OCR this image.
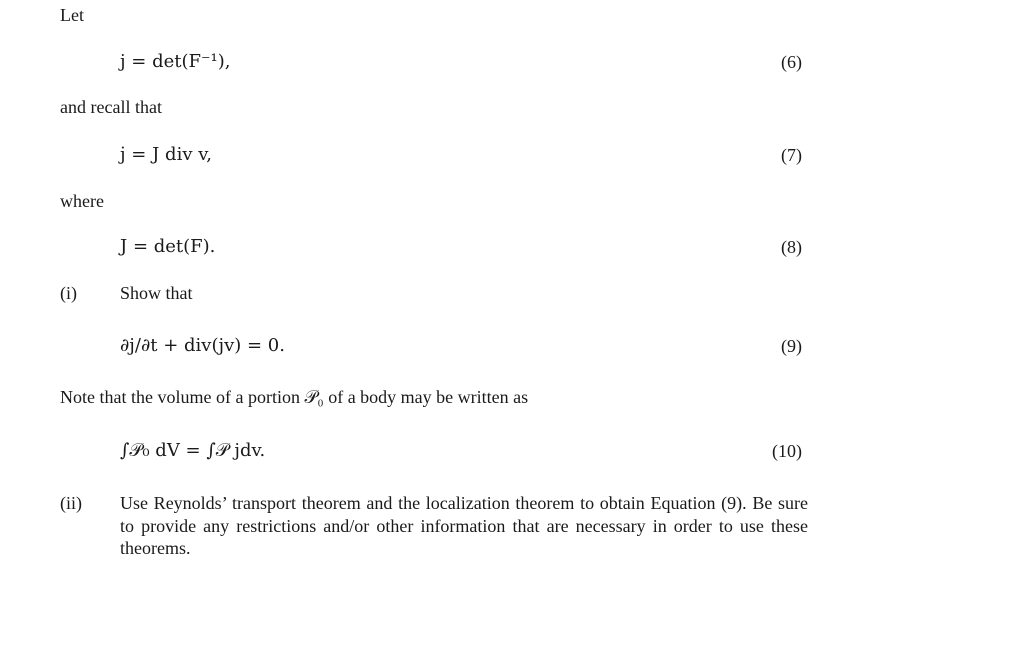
Let
j = det(F⁻¹),	(6)
and recall that
j̇ = J div v,	(7)
where
J = det(F).	(8)
(i) Show that
∂j/∂t + div(jv) = 0.	(9)
Note that the volume of a portion 𝒫₀ of a body may be written as
∫𝒫₀ dV = ∫𝒫 jdv.	(10)
(ii) Use Reynolds’ transport theorem and the localization theorem to obtain Equation (9). Be sure to provide any restrictions and/or other information that are necessary in order to use these theorems.
